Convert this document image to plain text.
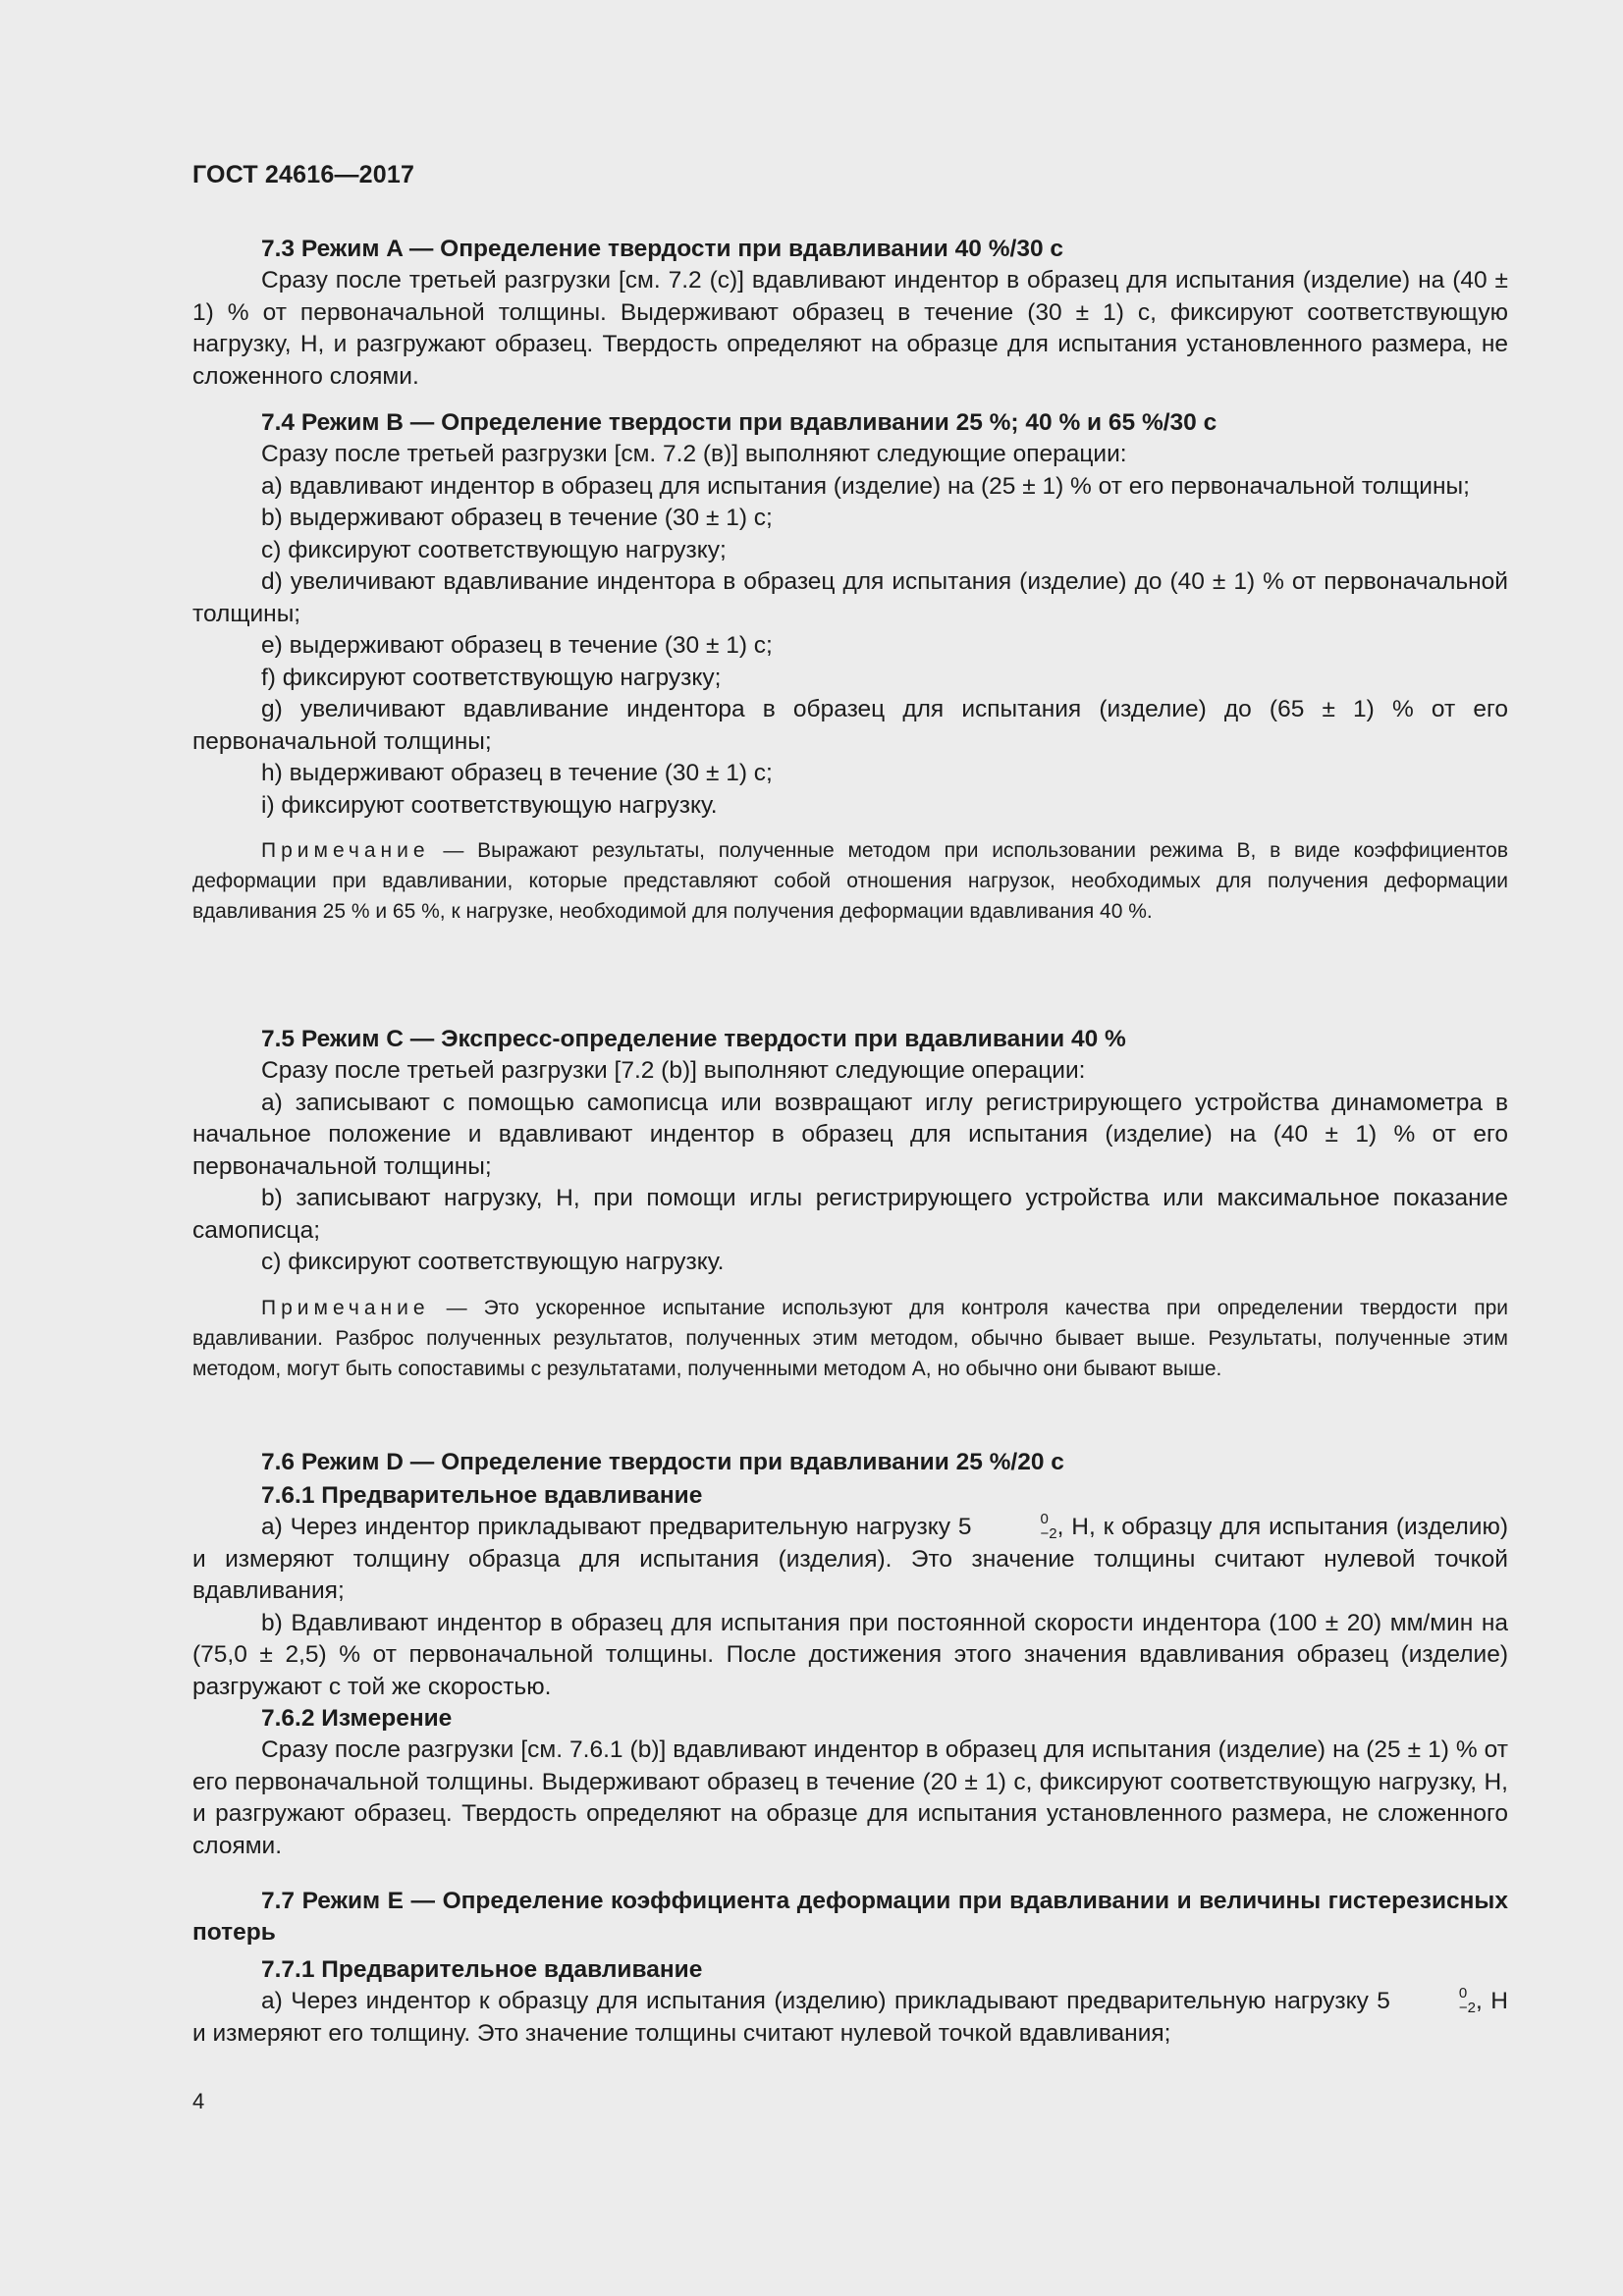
ГОСТ 24616—2017

7.3 Режим A — Определение твердости при вдавливании 40 %/30 с

Сразу после третьей разгрузки [см. 7.2 (с)] вдавливают индентор в образец для испытания (изделие) на (40 ± 1) % от первоначальной толщины. Выдерживают образец в течение (30 ± 1) с, фиксируют соответствующую нагрузку, Н, и разгружают образец. Твердость определяют на образце для испытания установленного размера, не сложенного слоями.

7.4 Режим B — Определение твердости при вдавливании 25 %; 40 % и 65 %/30 с

Сразу после третьей разгрузки [см. 7.2 (в)] выполняют следующие операции:

a) вдавливают индентор в образец для испытания (изделие) на (25 ± 1) % от его первоначальной толщины;

b) выдерживают образец в течение (30 ± 1) с;

c) фиксируют соответствующую нагрузку;

d) увеличивают вдавливание индентора в образец для испытания (изделие) до (40 ± 1) % от первоначальной толщины;

e) выдерживают образец в течение (30 ± 1) с;

f) фиксируют соответствующую нагрузку;

g) увеличивают вдавливание индентора в образец для испытания (изделие) до (65 ± 1) % от его первоначальной толщины;

h) выдерживают образец в течение (30 ± 1) с;

i) фиксируют соответствующую нагрузку.

Примечание — Выражают результаты, полученные методом при использовании режима В, в виде коэффициентов деформации при вдавливании, которые представляют собой отношения нагрузок, необходимых для получения деформации вдавливания 25 % и 65 %, к нагрузке, необходимой для получения деформации вдавливания 40 %.

7.5 Режим C — Экспресс-определение твердости при вдавливании 40 %

Сразу после третьей разгрузки [7.2 (b)] выполняют следующие операции:

a) записывают с помощью самописца или возвращают иглу регистрирующего устройства динамометра в начальное положение и вдавливают индентор в образец для испытания (изделие) на (40 ± 1) % от его первоначальной толщины;

b) записывают нагрузку, Н, при помощи иглы регистрирующего устройства или максимальное показание самописца;

c) фиксируют соответствующую нагрузку.

Примечание — Это ускоренное испытание используют для контроля качества при определении твердости при вдавливании. Разброс полученных результатов, полученных этим методом, обычно бывает выше. Результаты, полученные этим методом, могут быть сопоставимы с результатами, полученными методом А, но обычно они бывают выше.

7.6 Режим D — Определение твердости при вдавливании 25 %/20 с

7.6.1 Предварительное вдавливание

a) Через индентор прикладывают предварительную нагрузку 5	0
−2 , Н, к образцу для испытания (изделию) и измеряют толщину образца для испытания (изделия). Это значение толщины считают нулевой точкой вдавливания;

b) Вдавливают индентор в образец для испытания при постоянной скорости индентора (100 ± 20) мм/мин на (75,0 ± 2,5) % от первоначальной толщины. После достижения этого значения вдавливания образец (изделие) разгружают с той же скоростью.

7.6.2 Измерение

Сразу после разгрузки [см. 7.6.1 (b)] вдавливают индентор в образец для испытания (изделие) на (25 ± 1) % от его первоначальной толщины. Выдерживают образец в течение (20 ± 1) с, фиксируют соответствующую нагрузку, Н, и разгружают образец. Твердость определяют на образце для испытания установленного размера, не сложенного слоями.

7.7 Режим E — Определение коэффициента деформации при вдавливании и величины гистерезисных потерь

7.7.1 Предварительное вдавливание

a) Через индентор к образцу для испытания (изделию) прикладывают предварительную нагрузку 5	0
−2 , Н и измеряют его толщину. Это значение толщины считают нулевой точкой вдавливания;

4
